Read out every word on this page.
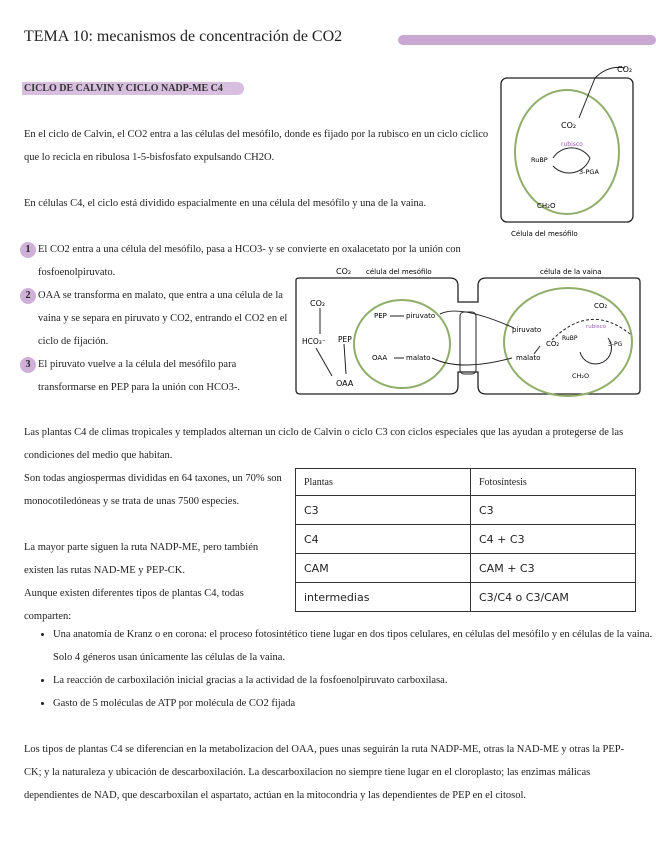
TEMA 10: mecanismos de concentración de CO2
CICLO DE CALVIN Y CICLO NADP-ME C4
En el ciclo de Calvin, el CO2 entra a las células del mesófilo, donde es fijado por la rubisco en un ciclo cíclico que lo recicla en ribulosa 1-5-bisfosfato expulsando CH2O.
En células C4, el ciclo está dividido espacialmente en una célula del mesófilo y una de la vaina.
1 El CO2 entra a una célula del mesófilo, pasa a HCO3- y se convierte en oxalacetato por la unión con fosfoenolpiruvato.
2 OAA se transforma en malato, que entra a una célula de la vaina y se separa en piruvato y CO2, entrando el CO2 en el ciclo de fijación.
3 El piruvato vuelve a la célula del mesófilo para transformarse en PEP para la unión con HCO3-.
CO₂
CO₂
rubisco
RuBP
3-PGA
CH₂O
Célula del mesófilo
CO₂ célula del mesófilo	célula de la vaina
CO₂
HCO₃⁻ PEP
OAA
PEP	piruvato
OAA	malato
piruvato
malato
CO₂
CO₂
rubisco
RuBP
3-PG
CH₂O
Las plantas C4 de climas tropicales y templados alternan un ciclo de Calvin o ciclo C3 con ciclos especiales que las ayudan a protegerse de las condiciones del medio que habitan.
Son todas angiospermas divididas en 64 taxones, un 70% son monocotiledóneas y se trata de unas 7500 especies.
La mayor parte siguen la ruta NADP-ME, pero también existen las rutas NAD-ME y PEP-CK.
Aunque existen diferentes tipos de plantas C4, todas comparten:
Plantas	Fotosíntesis
C3	C3
C4	C4 + C3
CAM	CAM + C3
intermedias	C3/C4 o C3/CAM
• Una anatomía de Kranz o en corona: el proceso fotosintético tiene lugar en dos tipos celulares, en células del mesófilo y en células de la vaina. Solo 4 géneros usan únicamente las células de la vaina.
• La reacción de carboxilación inicial gracias a la actividad de la fosfoenolpiruvato carboxilasa.
• Gasto de 5 moléculas de ATP por molécula de CO2 fijada
Los tipos de plantas C4 se diferencian en la metabolizacion del OAA, pues unas seguirán la ruta NADP-ME, otras la NAD-ME y otras la PEP-CK; y la naturaleza y ubicación de descarboxilación. La descarboxilacion no siempre tiene lugar en el cloroplasto; las enzimas málicas dependientes de NAD, que descarboxilan el aspartato, actúan en la mitocondria y las dependientes de PEP en el citosol.
